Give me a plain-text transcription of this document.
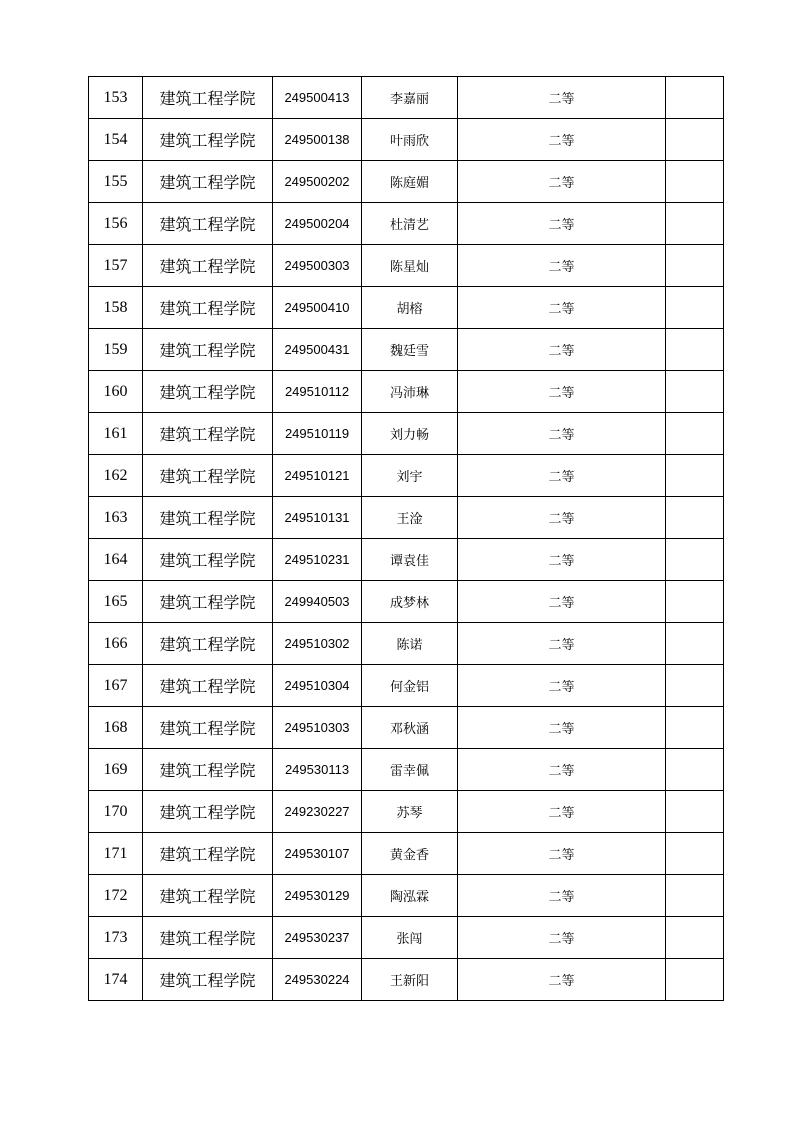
153	建筑工程学院	249500413	李嘉丽	二等	
154	建筑工程学院	249500138	叶雨欣	二等	
155	建筑工程学院	249500202	陈庭媚	二等	
156	建筑工程学院	249500204	杜清艺	二等	
157	建筑工程学院	249500303	陈星灿	二等	
158	建筑工程学院	249500410	胡榕	二等	
159	建筑工程学院	249500431	魏廷雪	二等	
160	建筑工程学院	249510112	冯沛琳	二等	
161	建筑工程学院	249510119	刘力畅	二等	
162	建筑工程学院	249510121	刘宇	二等	
163	建筑工程学院	249510131	王淦	二等	
164	建筑工程学院	249510231	谭袁佳	二等	
165	建筑工程学院	249940503	成梦林	二等	
166	建筑工程学院	249510302	陈诺	二等	
167	建筑工程学院	249510304	何金铝	二等	
168	建筑工程学院	249510303	邓秋涵	二等	
169	建筑工程学院	249530113	雷幸佩	二等	
170	建筑工程学院	249230227	苏琴	二等	
171	建筑工程学院	249530107	黄金香	二等	
172	建筑工程学院	249530129	陶泓霖	二等	
173	建筑工程学院	249530237	张闯	二等	
174	建筑工程学院	249530224	王新阳	二等	
